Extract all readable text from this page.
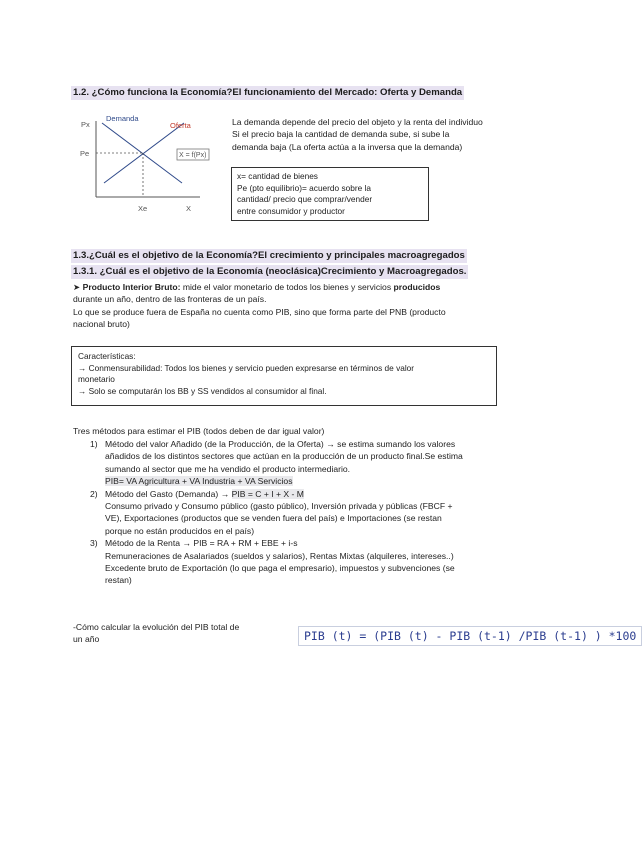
1.2. ¿Cómo funciona la Economía?El funcionamiento del Mercado: Oferta y Demanda
Px
Demanda
Oferta
Pe	X = f(Px)
Xe	X
La demanda depende del precio del objeto y la renta del individuo
Si el precio baja la cantidad de demanda sube, si sube la
demanda baja (La oferta actúa a la inversa que la demanda)
x= cantidad de bienes
Pe (pto equilibrio)= acuerdo sobre la
cantidad/ precio que comprar/vender
entre consumidor y productor
1.3.¿Cuál es el objetivo de la Economía?El crecimiento y principales macroagregados
1.3.1. ¿Cuál es el objetivo de la Economía (neoclásica)Crecimiento y Macroagregados.
➤ Producto Interior Bruto: mide el valor monetario de todos los bienes y servicios producidos
durante un año, dentro de las fronteras de un país.
Lo que se produce fuera de España no cuenta como PIB, sino que forma parte del PNB (producto
nacional bruto)
Características:
→ Conmensurabilidad: Todos los bienes y servicio pueden expresarse en términos de valor
monetario
→ Solo se computarán los BB y SS vendidos al consumidor al final.
Tres métodos para estimar el PIB (todos deben de dar igual valor)
1) Método del valor Añadido (de la Producción, de la Oferta) → se estima sumando los valores
añadidos de los distintos sectores que actúan en la producción de un producto final.Se estima
sumando al sector que me ha vendido el producto intermediario.
PIB= VA Agricultura + VA Industria + VA Servicios
2) Método del Gasto (Demanda) → PIB = C + I + X - M
Consumo privado y Consumo público (gasto público), Inversión privada y públicas (FBCF +
VE), Exportaciones (productos que se venden fuera del país) e Importaciones (se restan
porque no están producidos en el país)
3) Método de la Renta → PIB = RA + RM + EBE + i-s
Remuneraciones de Asalariados (sueldos y salarios), Rentas Mixtas (alquileres, intereses..)
Excedente bruto de Exportación (lo que paga el empresario), impuestos y subvenciones (se
restan)
-Cómo calcular la evolución del PIB total de
un año	PIB (t) = (PIB (t) - PIB (t-1) /PIB (t-1) ) *100
